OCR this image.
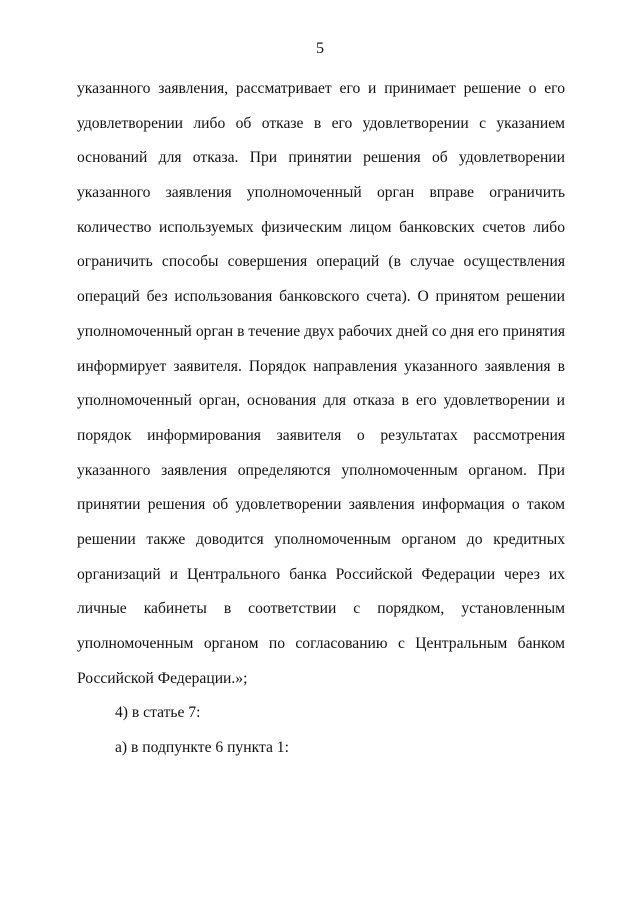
5
указанного заявления, рассматривает его и принимает решение о его
удовлетворении либо об отказе в его удовлетворении с указанием
оснований для отказа. При принятии решения об удовлетворении
указанного заявления уполномоченный орган вправе ограничить
количество используемых физическим лицом банковских счетов либо
ограничить способы совершения операций (в случае осуществления
операций без использования банковского счета). О принятом решении
уполномоченный орган в течение двух рабочих дней со дня его принятия
информирует заявителя. Порядок направления указанного заявления в
уполномоченный орган, основания для отказа в его удовлетворении и
порядок информирования заявителя о результатах рассмотрения
указанного заявления определяются уполномоченным органом. При
принятии решения об удовлетворении заявления информация о таком
решении также доводится уполномоченным органом до кредитных
организаций и Центрального банка Российской Федерации через их
личные кабинеты в соответствии с порядком, установленным
уполномоченным органом по согласованию с Центральным банком
Российской Федерации.»;
4) в статье 7:
а) в подпункте 6 пункта 1:
